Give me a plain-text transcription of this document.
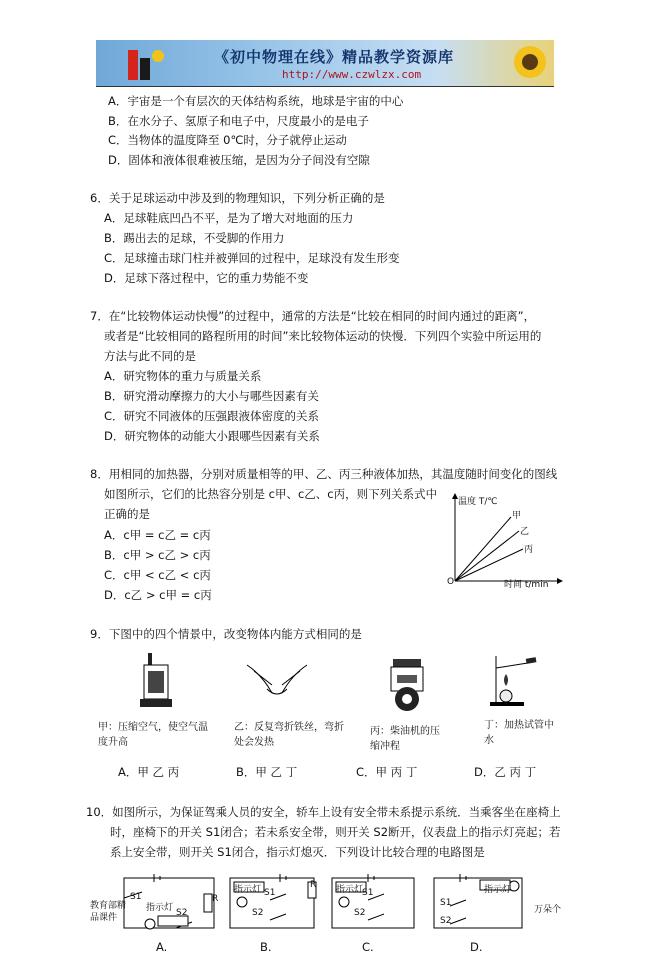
《初中物理在线》精品教学资源库
http://www.czwlzx.com
A．宇宙是一个有层次的天体结构系统，地球是宇宙的中心
B．在水分子、氢原子和电子中，尺度最小的是电子
C．当物体的温度降至 0℃时，分子就停止运动
D．固体和液体很难被压缩，是因为分子间没有空隙
6．关于足球运动中涉及到的物理知识，下列分析正确的是
A．足球鞋底凹凸不平，是为了增大对地面的压力
B．踢出去的足球，不受脚的作用力
C．足球撞击球门柱并被弹回的过程中，足球没有发生形变
D．足球下落过程中，它的重力势能不变
7．在“比较物体运动快慢”的过程中，通常的方法是“比较在相同的时间内通过的距离”，
或者是“比较相同的路程所用的时间”来比较物体运动的快慢．下列四个实验中所运用的
方法与此不同的是
A．研究物体的重力与质量关系
B．研究滑动摩擦力的大小与哪些因素有关
C．研究不同液体的压强跟液体密度的关系
D．研究物体的动能大小跟哪些因素有关系
8．用相同的加热器，分别对质量相等的甲、乙、丙三种液体加热，其温度随时间变化的图线
如图所示，它们的比热容分别是 c甲、c乙、c丙，则下列关系式中
正确的是
A．c甲 = c乙 = c丙
B．c甲 > c乙 > c丙
C．c甲 < c乙 < c丙
D．c乙 > c甲 = c丙
温度 T/℃
时间 t/min
O
甲
乙
丙
9．下图中的四个情景中，改变物体内能方式相同的是
甲：压缩空气，使空气温度升高
乙：反复弯折铁丝，弯折处会发热
丙：柴油机的压缩冲程
丁：加热试管中水
A．甲 乙 丙	B．甲 乙 丁	C．甲 丙 丁	D．乙 丙 丁
10．如图所示，为保证驾乘人员的安全，轿车上设有安全带未系提示系统．当乘客坐在座椅上
时，座椅下的开关 S1闭合；若未系安全带，则开关 S2断开，仪表盘上的指示灯亮起；若
系上安全带，则开关 S1闭合，指示灯熄灭．下列设计比较合理的电路图是
指示灯
S1
S2
R
指示灯 S1
S2
R 指示灯
S1
S2
指示灯
S1
S2
教育部精品课件
万朵个
A.	B.	C.	D.
